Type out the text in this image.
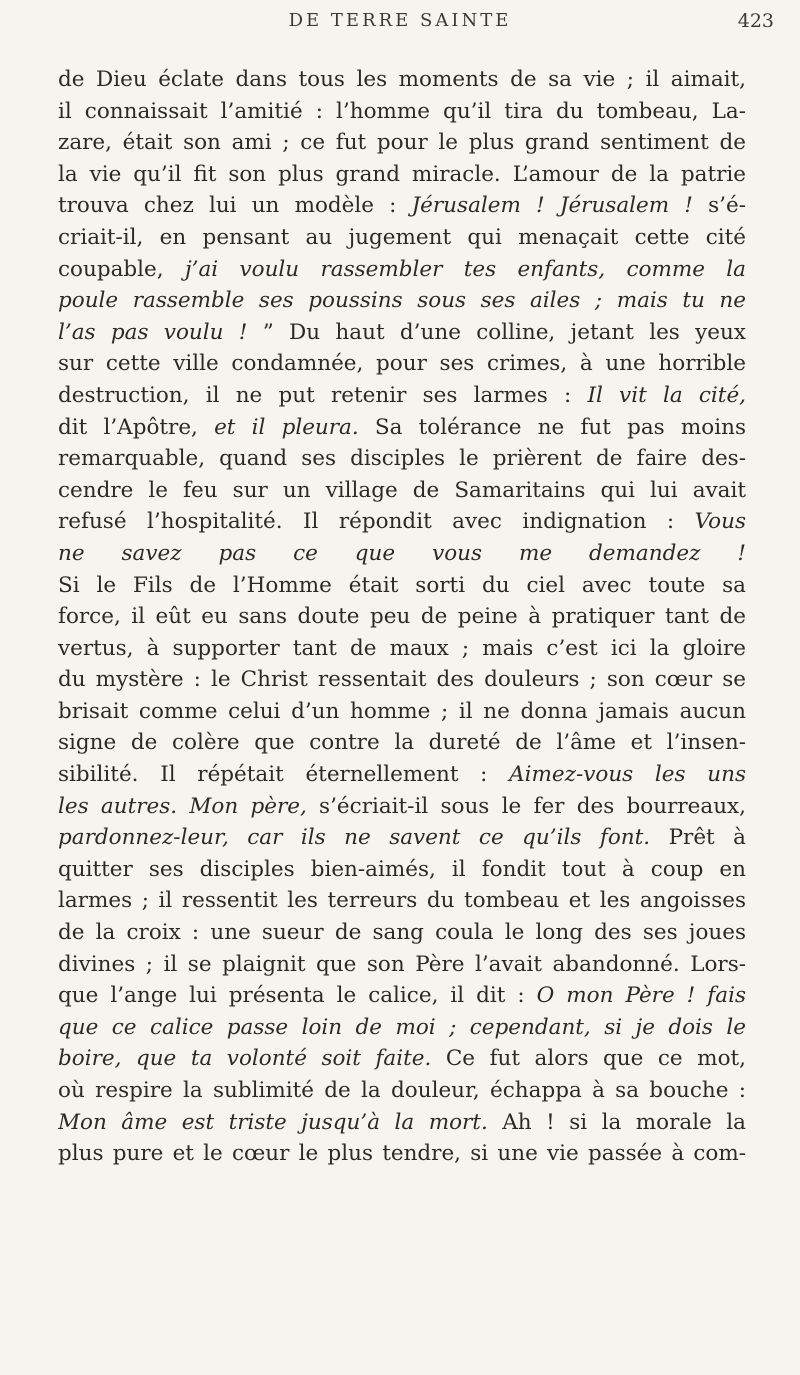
DE TERRE SAINTE	423
de Dieu éclate dans tous les moments de sa vie ; il aimait,
il connaissait l’amitié : l’homme qu’il tira du tombeau, La-
zare, était son ami ; ce fut pour le plus grand sentiment de
la vie qu’il fit son plus grand miracle. L’amour de la patrie
trouva chez lui un modèle : Jérusalem ! Jérusalem ! s’é-
criait-il, en pensant au jugement qui menaçait cette cité
coupable, j’ai voulu rassembler tes enfants, comme la
poule rassemble ses poussins sous ses ailes ; mais tu ne
l’as pas voulu ! ” Du haut d’une colline, jetant les yeux
sur cette ville condamnée, pour ses crimes, à une horrible
destruction, il ne put retenir ses larmes : Il vit la cité,
dit l’Apôtre, et il pleura. Sa tolérance ne fut pas moins
remarquable, quand ses disciples le prièrent de faire des-
cendre le feu sur un village de Samaritains qui lui avait
refusé l’hospitalité. Il répondit avec indignation : Vous
ne savez pas ce que vous me demandez !
Si le Fils de l’Homme était sorti du ciel avec toute sa
force, il eût eu sans doute peu de peine à pratiquer tant de
vertus, à supporter tant de maux ; mais c’est ici la gloire
du mystère : le Christ ressentait des douleurs ; son cœur se
brisait comme celui d’un homme ; il ne donna jamais aucun
signe de colère que contre la dureté de l’âme et l’insen-
sibilité. Il répétait éternellement : Aimez-vous les uns
les autres. Mon père, s’écriait-il sous le fer des bourreaux,
pardonnez-leur, car ils ne savent ce qu’ils font. Prêt à
quitter ses disciples bien-aimés, il fondit tout à coup en
larmes ; il ressentit les terreurs du tombeau et les angoisses
de la croix : une sueur de sang coula le long des ses joues
divines ; il se plaignit que son Père l’avait abandonné. Lors-
que l’ange lui présenta le calice, il dit : O mon Père ! fais
que ce calice passe loin de moi ; cependant, si je dois le
boire, que ta volonté soit faite. Ce fut alors que ce mot,
où respire la sublimité de la douleur, échappa à sa bouche :
Mon âme est triste jusqu’à la mort. Ah ! si la morale la
plus pure et le cœur le plus tendre, si une vie passée à com-
